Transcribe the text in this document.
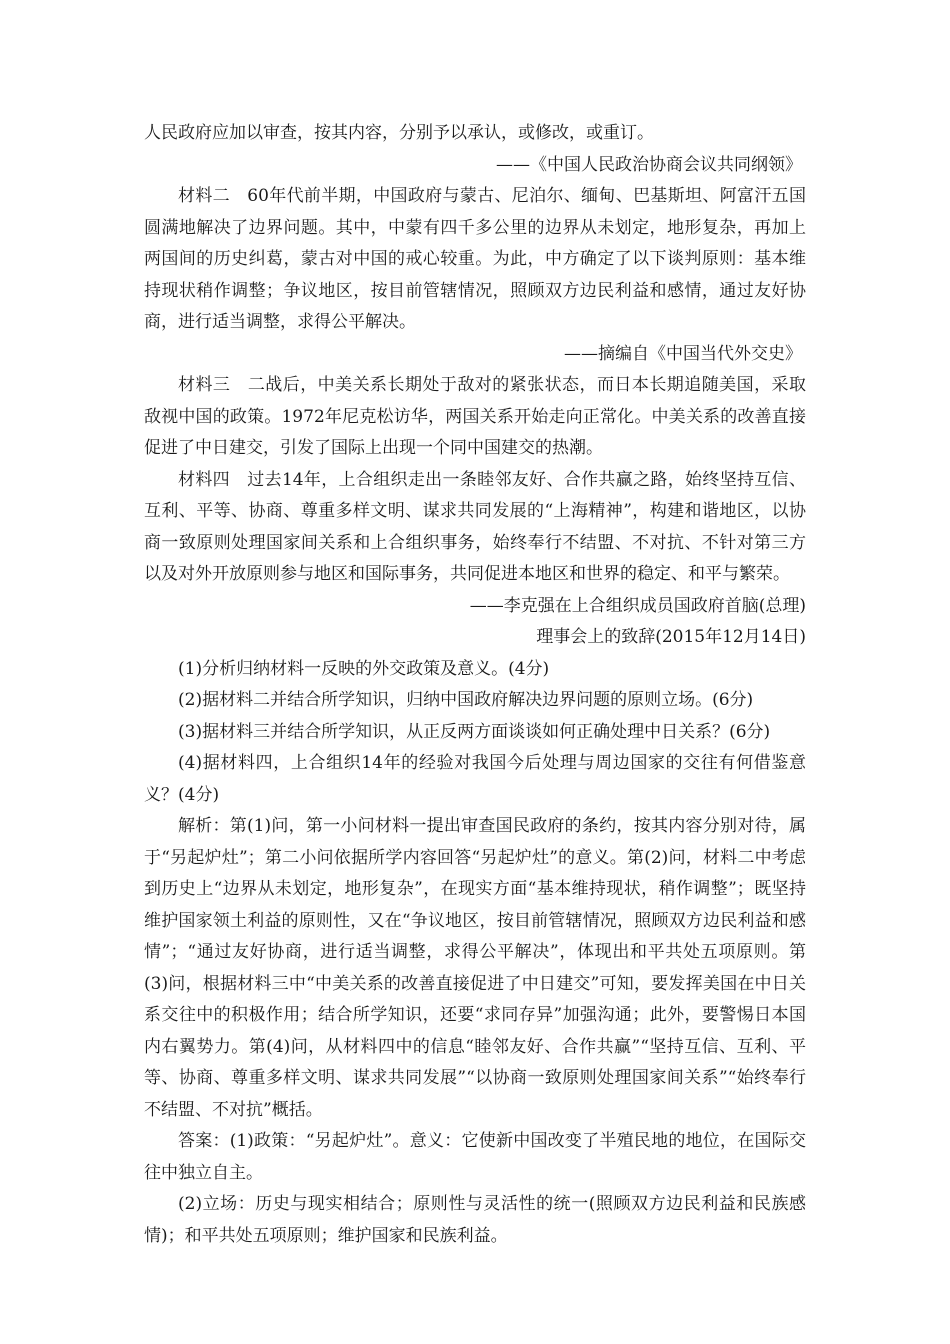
人民政府应加以审查，按其内容，分别予以承认，或修改，或重订。

——《中国人民政治协商会议共同纲领》

材料二　60年代前半期，中国政府与蒙古、尼泊尔、缅甸、巴基斯坦、阿富汗五国圆满地解决了边界问题。其中，中蒙有四千多公里的边界从未划定，地形复杂，再加上两国间的历史纠葛，蒙古对中国的戒心较重。为此，中方确定了以下谈判原则：基本维持现状稍作调整；争议地区，按目前管辖情况，照顾双方边民利益和感情，通过友好协商，进行适当调整，求得公平解决。

——摘编自《中国当代外交史》

材料三　二战后，中美关系长期处于敌对的紧张状态，而日本长期追随美国，采取敌视中国的政策。1972年尼克松访华，两国关系开始走向正常化。中美关系的改善直接促进了中日建交，引发了国际上出现一个同中国建交的热潮。

材料四　过去14年，上合组织走出一条睦邻友好、合作共赢之路，始终坚持互信、互利、平等、协商、尊重多样文明、谋求共同发展的“上海精神”，构建和谐地区，以协商一致原则处理国家间关系和上合组织事务，始终奉行不结盟、不对抗、不针对第三方以及对外开放原则参与地区和国际事务，共同促进本地区和世界的稳定、和平与繁荣。

——李克强在上合组织成员国政府首脑(总理)

理事会上的致辞(2015年12月14日)

(1)分析归纳材料一反映的外交政策及意义。(4分)

(2)据材料二并结合所学知识，归纳中国政府解决边界问题的原则立场。(6分)

(3)据材料三并结合所学知识，从正反两方面谈谈如何正确处理中日关系？(6分)

(4)据材料四，上合组织14年的经验对我国今后处理与周边国家的交往有何借鉴意义？(4分)

解析：第(1)问，第一小问材料一提出审查国民政府的条约，按其内容分别对待，属于“另起炉灶”；第二小问依据所学内容回答“另起炉灶”的意义。第(2)问，材料二中考虑到历史上“边界从未划定，地形复杂”，在现实方面“基本维持现状，稍作调整”；既坚持维护国家领土利益的原则性，又在“争议地区，按目前管辖情况，照顾双方边民利益和感情”；“通过友好协商，进行适当调整，求得公平解决”，体现出和平共处五项原则。第(3)问，根据材料三中“中美关系的改善直接促进了中日建交”可知，要发挥美国在中日关系交往中的积极作用；结合所学知识，还要“求同存异”加强沟通；此外，要警惕日本国内右翼势力。第(4)问，从材料四中的信息“睦邻友好、合作共赢”“坚持互信、互利、平等、协商、尊重多样文明、谋求共同发展”“以协商一致原则处理国家间关系”“始终奉行不结盟、不对抗”概括。

答案：(1)政策：“另起炉灶”。意义：它使新中国改变了半殖民地的地位，在国际交往中独立自主。

(2)立场：历史与现实相结合；原则性与灵活性的统一(照顾双方边民利益和民族感情)；和平共处五项原则；维护国家和民族利益。
